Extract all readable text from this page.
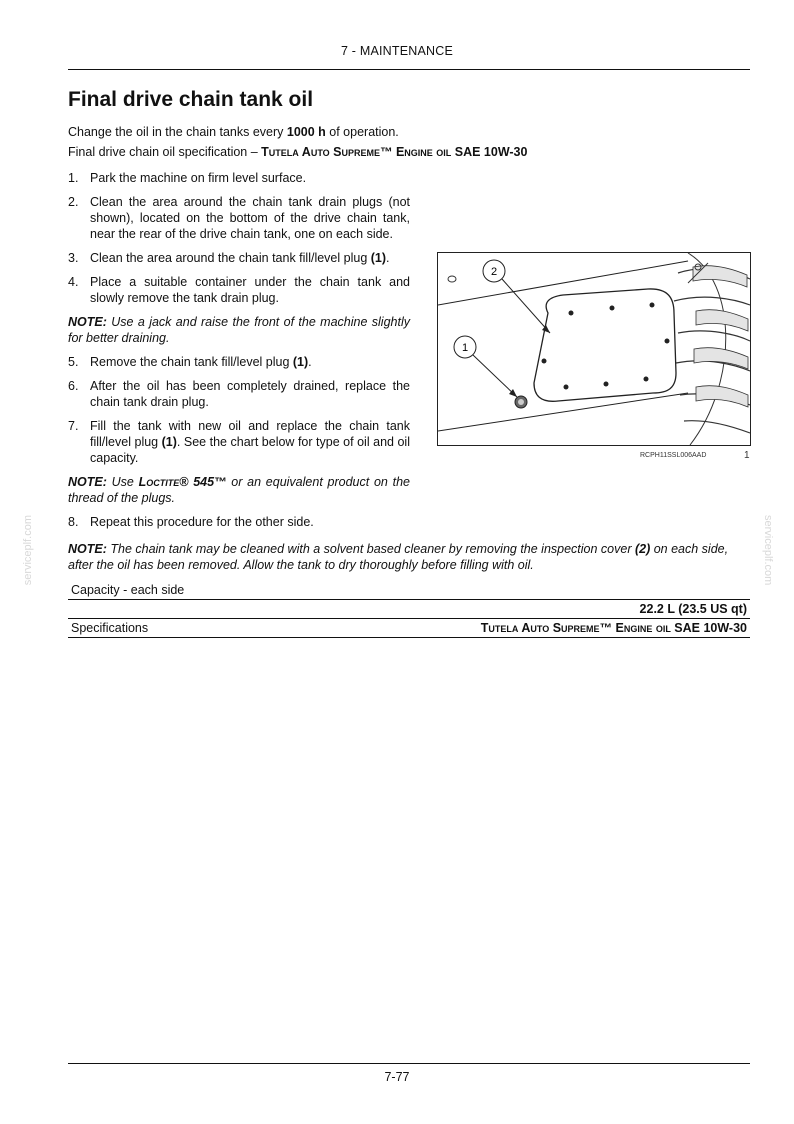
7 - MAINTENANCE
Final drive chain tank oil

Change the oil in the chain tanks every 1000 h of operation.

Final drive chain oil specification – Tutela Auto Supreme™ Engine oil SAE 10W-30

1. Park the machine on firm level surface.
2. Clean the area around the chain tank drain plugs (not shown), located on the bottom of the drive chain tank, near the rear of the drive chain tank, one on each side.
3. Clean the area around the chain tank fill/level plug (1).
4. Place a suitable container under the chain tank and slowly remove the tank drain plug.
NOTE: Use a jack and raise the front of the machine slightly for better draining.
5. Remove the chain tank fill/level plug (1).
6. After the oil has been completely drained, replace the chain tank drain plug.
7. Fill the tank with new oil and replace the chain tank fill/level plug (1). See the chart below for type of oil and oil capacity.
NOTE: Use Loctite® 545™ or an equivalent product on the thread of the plugs.
2
1
RCPH11SSL006AAD	1
8. Repeat this procedure for the other side.

NOTE: The chain tank may be cleaned with a solvent based cleaner by removing the inspection cover (2) on each side, after the oil has been removed. Allow the tank to dry thoroughly before filling with oil.

Capacity - each side
22.2 L (23.5 US qt)
Specifications	Tutela Auto Supreme™ Engine oil SAE 10W-30
serviceplf.com	serviceplf.com
7-77
